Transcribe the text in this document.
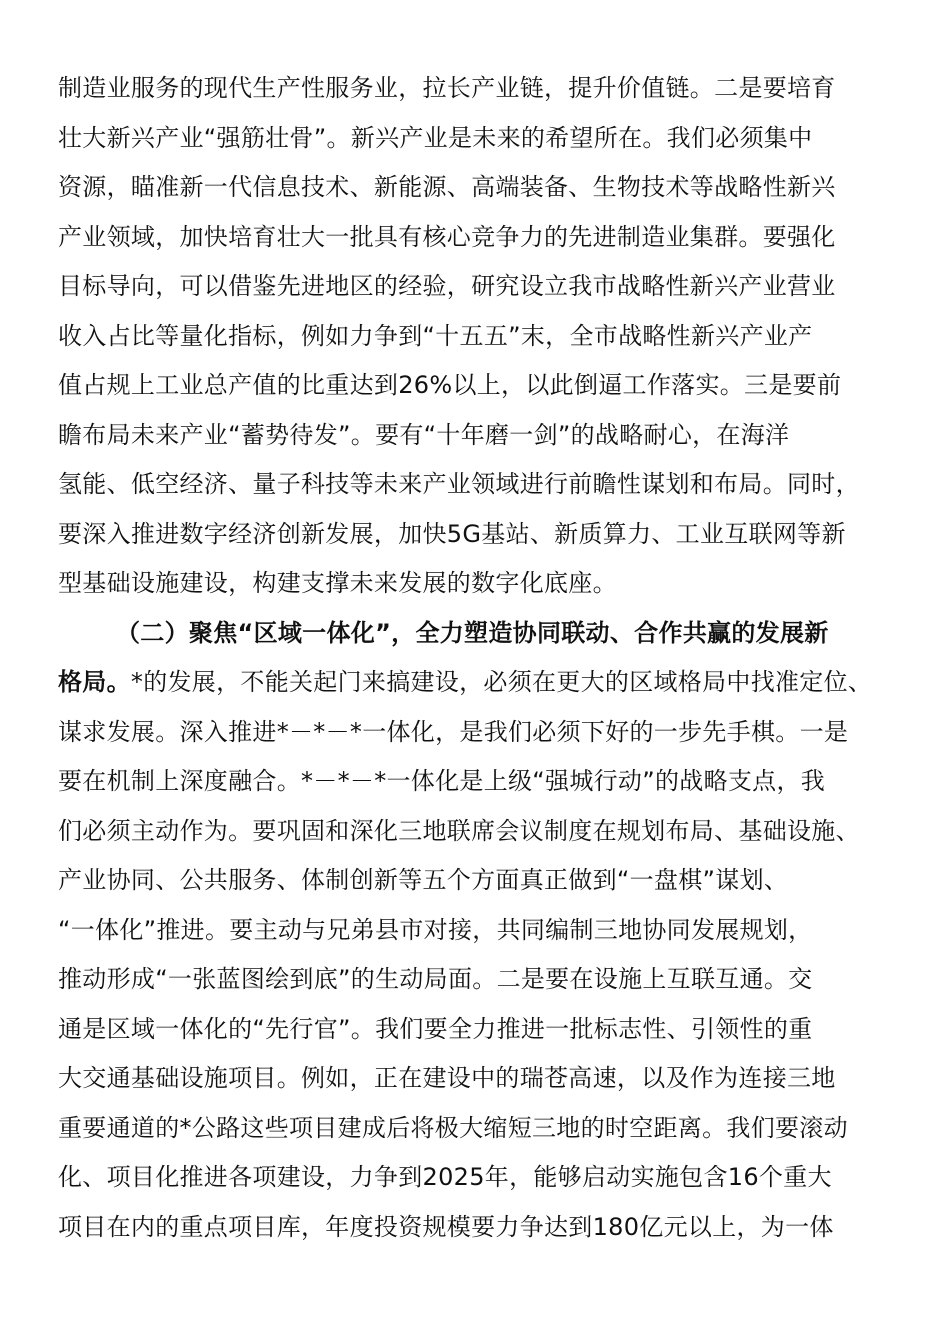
制造业服务的现代生产性服务业，拉长产业链，提升价值链。二是要培育
壮大新兴产业“强筋壮骨”。新兴产业是未来的希望所在。我们必须集中
资源，瞄准新一代信息技术、新能源、高端装备、生物技术等战略性新兴
产业领域，加快培育壮大一批具有核心竞争力的先进制造业集群。要强化
目标导向，可以借鉴先进地区的经验，研究设立我市战略性新兴产业营业
收入占比等量化指标，例如力争到“十五五”末，全市战略性新兴产业产
值占规上工业总产值的比重达到26%以上，以此倒逼工作落实。三是要前
瞻布局未来产业“蓄势待发”。要有“十年磨一剑”的战略耐心，在海洋
氢能、低空经济、量子科技等未来产业领域进行前瞻性谋划和布局。同时，
要深入推进数字经济创新发展，加快5G基站、新质算力、工业互联网等新
型基础设施建设，构建支撑未来发展的数字化底座。
（二）聚焦“区域一体化”，全力塑造协同联动、合作共赢的发展新
格局。*的发展，不能关起门来搞建设，必须在更大的区域格局中找准定位、
谋求发展。深入推进*－*－*一体化，是我们必须下好的一步先手棋。一是
要在机制上深度融合。*－*－*一体化是上级“强城行动”的战略支点，我
们必须主动作为。要巩固和深化三地联席会议制度在规划布局、基础设施、
产业协同、公共服务、体制创新等五个方面真正做到“一盘棋”谋划、
“一体化”推进。要主动与兄弟县市对接，共同编制三地协同发展规划，
推动形成“一张蓝图绘到底”的生动局面。二是要在设施上互联互通。交
通是区域一体化的“先行官”。我们要全力推进一批标志性、引领性的重
大交通基础设施项目。例如，正在建设中的瑞苍高速，以及作为连接三地
重要通道的*公路这些项目建成后将极大缩短三地的时空距离。我们要滚动
化、项目化推进各项建设，力争到2025年，能够启动实施包含16个重大
项目在内的重点项目库，年度投资规模要力争达到180亿元以上，为一体
